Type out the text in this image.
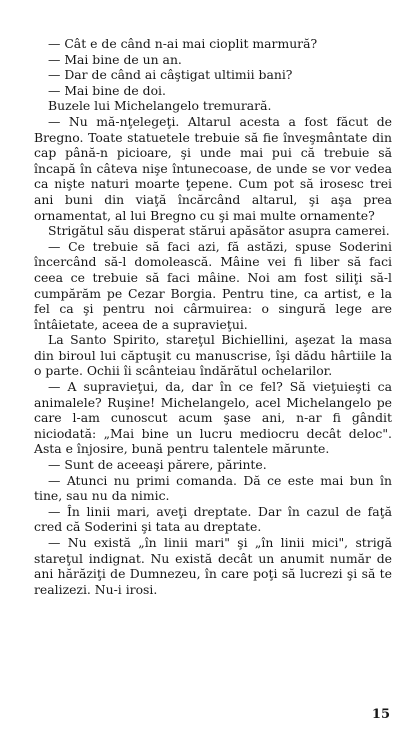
— Cât e de când n-ai mai cioplit marmură?

— Mai bine de un an.

— Dar de când ai câştigat ultimii bani?

— Mai bine de doi.

Buzele lui Michelangelo tremurară.

— Nu mă-nţelegeţi. Altarul acesta a fost făcut de Bregno. Toate statuetele trebuie să fie înveşmântate din cap până-n picioare, şi unde mai pui că trebuie să încapă în câteva nişe întunecoase, de unde se vor vedea ca nişte naturi moarte ţepene. Cum pot să irosesc trei ani buni din viaţă încărcând altarul, şi aşa prea ornamentat, al lui Bregno cu şi mai multe ornamente?

Strigătul său disperat stărui apăsător asupra camerei.

— Ce trebuie să faci azi, fă astăzi, spuse Soderini încercând să-l domolească. Mâine vei fi liber să faci ceea ce trebuie să faci mâine. Noi am fost siliţi să-l cumpărăm pe Cezar Borgia. Pentru tine, ca artist, e la fel ca şi pentru noi cârmuirea: o singură lege are întâietate, aceea de a supravieţui.

La Santo Spirito, stareţul Bichiellini, aşezat la masa din biroul lui căptuşit cu manuscrise, îşi dădu hârtiile la o parte. Ochii îi scânteiau îndărătul ochelarilor.

— A supravieţui, da, dar în ce fel? Să vieţuieşti ca animalele? Ruşine! Michelangelo, acel Michelangelo pe care l-am cunoscut acum şase ani, n-ar fi gândit niciodată: „Mai bine un lucru mediocru decât deloc". Asta e înjosire, bună pentru talentele mărunte.

— Sunt de aceeaşi părere, părinte.

— Atunci nu primi comanda. Dă ce este mai bun în tine, sau nu da nimic.

— În linii mari, aveţi dreptate. Dar în cazul de faţă cred că Soderini şi tata au dreptate.

— Nu există „în linii mari" şi „în linii mici", strigă stareţul indignat. Nu există decât un anumit număr de ani hărăziţi de Dumnezeu, în care poţi să lucrezi şi să te realizezi. Nu-i irosi.

15
